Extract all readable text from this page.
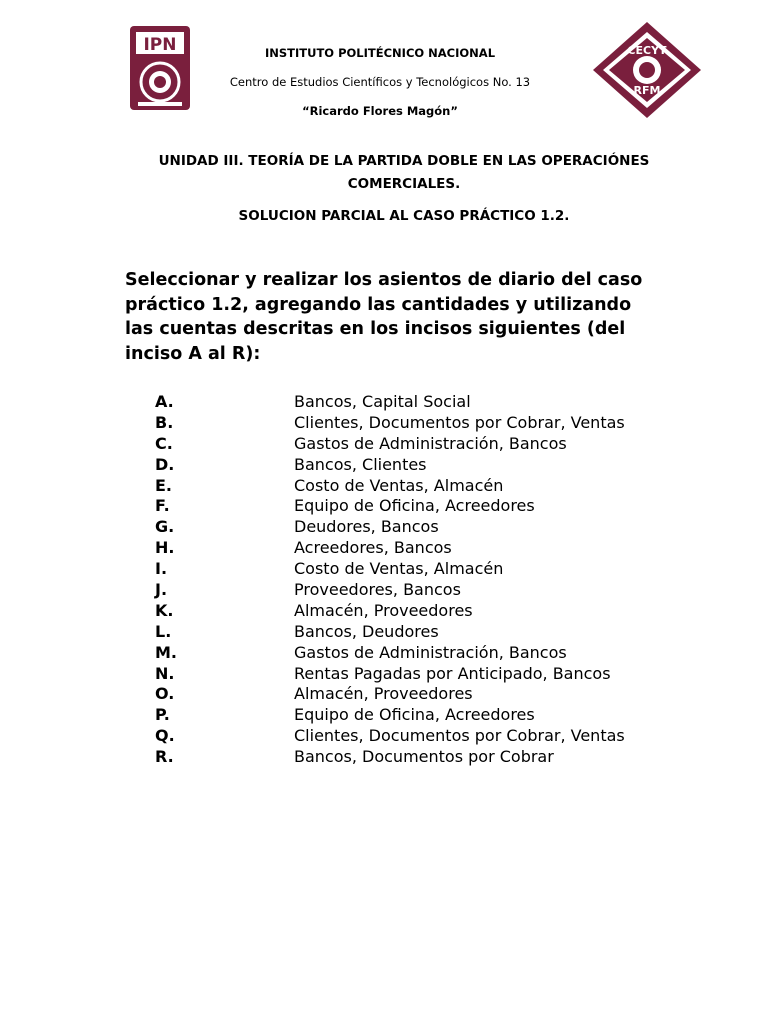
IPN	INSTITUTO POLITÉCNICO NACIONAL
Centro de Estudios Científicos y Tecnológicos No. 13
“Ricardo Flores Magón”
CECYT
RFM
UNIDAD III. TEORÍA DE LA PARTIDA DOBLE EN LAS OPERACIÓNES COMERCIALES.
SOLUCION PARCIAL AL CASO PRÁCTICO 1.2.
Seleccionar y realizar los asientos de diario del caso práctico 1.2, agregando las cantidades y utilizando las cuentas descritas en los incisos siguientes (del inciso A al R):
A.	Bancos, Capital Social
B.	Clientes, Documentos por Cobrar, Ventas
C.	Gastos de Administración, Bancos
D.	Bancos, Clientes
E.	Costo de Ventas, Almacén
F.	Equipo de Oficina, Acreedores
G.	Deudores, Bancos
H.	Acreedores, Bancos
I.	Costo de Ventas, Almacén
J.	Proveedores, Bancos
K.	Almacén, Proveedores
L.	Bancos, Deudores
M.	Gastos de Administración, Bancos
N.	Rentas Pagadas por Anticipado, Bancos
O.	Almacén, Proveedores
P.	Equipo de Oficina, Acreedores
Q.	Clientes, Documentos por Cobrar, Ventas
R.	Bancos, Documentos por Cobrar
